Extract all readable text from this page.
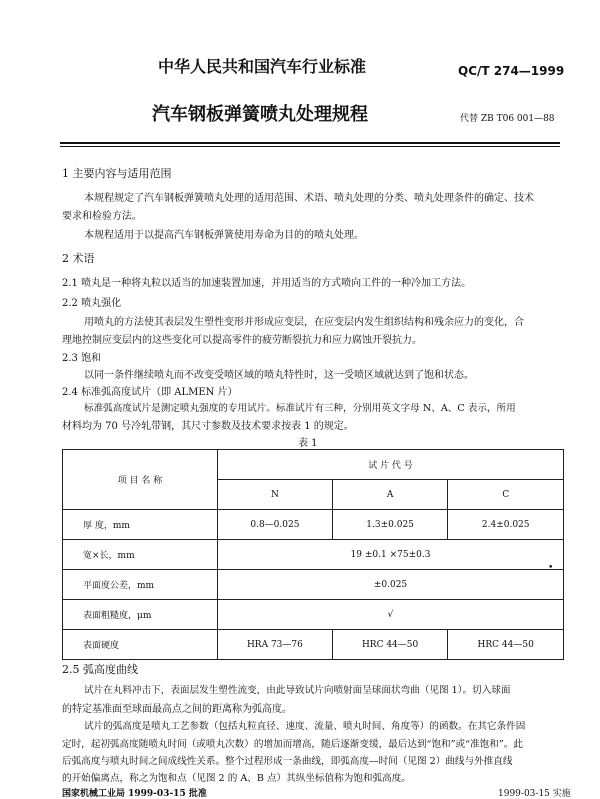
中华人民共和国汽车行业标准	QC/T 274—1999
汽车钢板弹簧喷丸处理规程	代替 ZB T06 001—88
1 主要内容与适用范围
本规程规定了汽车钢板弹簧喷丸处理的适用范围、术语、喷丸处理的分类、喷丸处理条件的确定、技术
要求和检验方法。
本规程适用于以提高汽车钢板弹簧使用寿命为目的的喷丸处理。
2 术语
2.1 喷丸是一种将丸粒以适当的加速装置加速，并用适当的方式喷向工件的一种冷加工方法。
2.2 喷丸强化
用喷丸的方法使其表层发生塑性变形并形成应变层，在应变层内发生组织结构和残余应力的变化，合
理地控制应变层内的这些变化可以提高零件的疲劳断裂抗力和应力腐蚀开裂抗力。
2.3 饱和
以同一条件继续喷丸而不改变受喷区域的喷丸特性时，这一受喷区域就达到了饱和状态。
2.4 标准弧高度试片（即 ALMEN 片）
标准弧高度试片是测定喷丸强度的专用试片。标准试片有三种，分别用英文字母 N、A、C 表示，所用
材料均为 70 号冷轧带钢，其尺寸参数及技术要求按表 1 的规定。
表 1
项 目 名 称	试 片 代 号		
	N	A	C
厚 度，mm	0.8—0.025	1.3±0.025	2.4±0.025
宽×长，mm	19 ±0.1 ×75±0.3		
平面度公差，mm	±0.025		
表面粗糙度，μm	√		
表面硬度	HRA 73—76	HRC 44—50	HRC 44—50
•
2.5 弧高度曲线
试片在丸料冲击下，表面层发生塑性流变，由此导致试片向喷射面呈球面状弯曲（见图 1）。切入球面
的特定基准面至球面最高点之间的距离称为弧高度。
试片的弧高度是喷丸工艺参数（包括丸粒直径、速度、流量、喷丸时间、角度等）的函数。在其它条件固
定时，起初弧高度随喷丸时间（或喷丸次数）的增加而增高，随后逐渐变缓，最后达到“饱和”或“准饱和”。此
后弧高度与喷丸时间之间成线性关系。整个过程形成一条曲线，即弧高度—时间（见图 2）曲线与外推直线
的开始偏离点，称之为饱和点（见图 2 的 A、B 点）其纵坐标值称为饱和弧高度。
国家机械工业局 1999-03-15 批准	1999-03-15 实施
